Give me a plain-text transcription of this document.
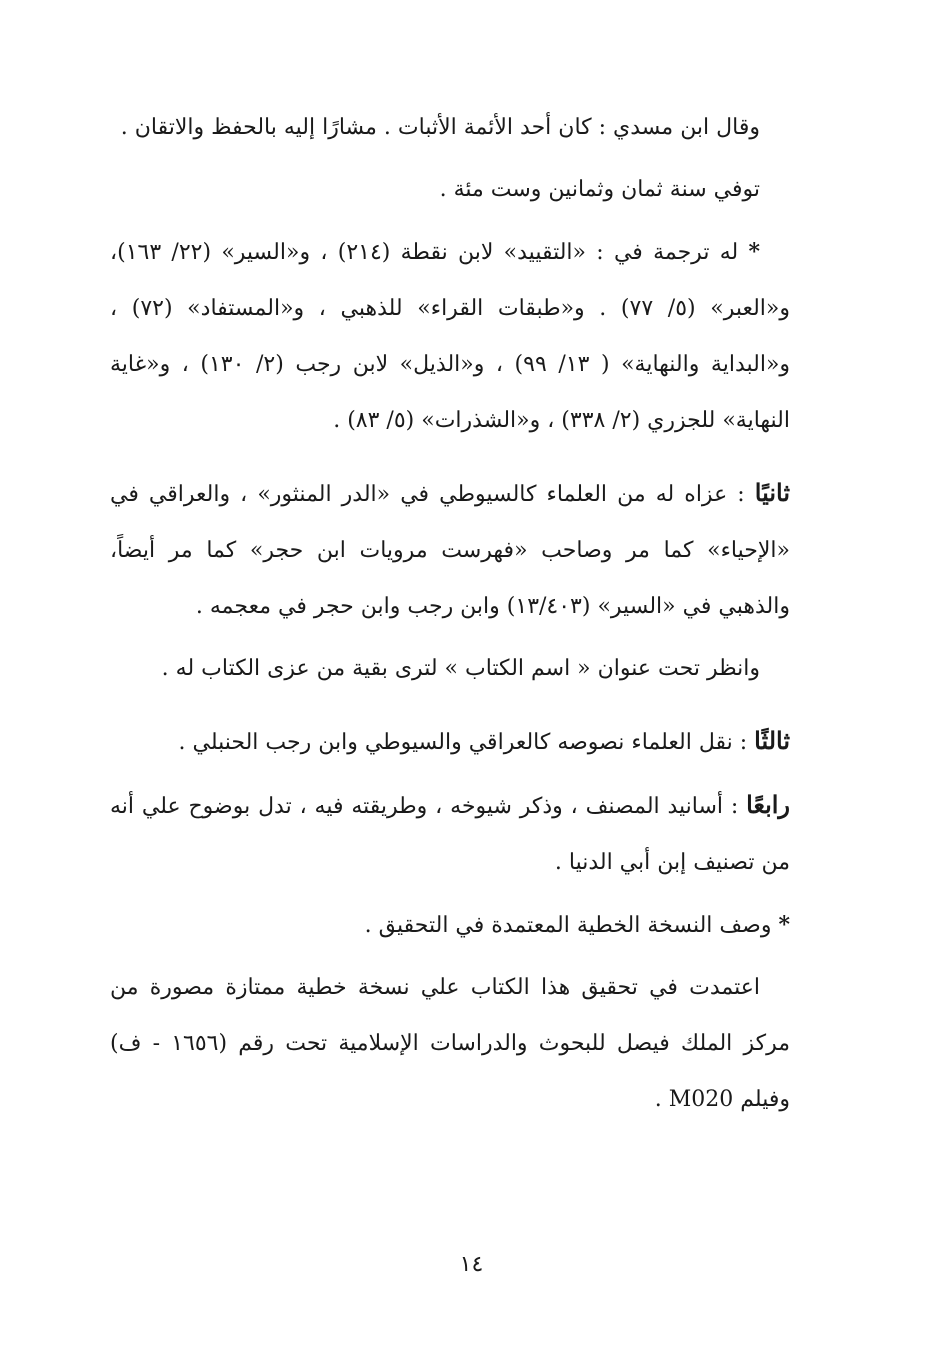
وقال ابن مسدي : كان أحد الأئمة الأثبات . مشارًا إليه بالحفظ والاتقان .

توفي سنة ثمان وثمانين وست مئة .

* له ترجمة في : «التقييد» لابن نقطة (٢١٤) ، و«السير» (٢٢/ ١٦٣)، و«العبر» (٥/ ٧٧) . و«طبقات القراء» للذهبي ، و«المستفاد» (٧٢) ، و«البداية والنهاية» ( ١٣/ ٩٩) ، و«الذيل» لابن رجب (٢/ ١٣٠) ، و«غاية النهاية» للجزري (٢/ ٣٣٨) ، و«الشذرات» (٥/ ٨٣) .

ثانيًا : عزاه له من العلماء كالسيوطي في «الدر المنثور» ، والعراقي في «الإحياء» كما مر وصاحب «فهرست مرويات ابن حجر» كما مر أيضاً، والذهبي في «السير» (١٣/٤٠٣) وابن رجب وابن حجر في معجمه .

وانظر تحت عنوان « اسم الكتاب » لترى بقية من عزى الكتاب له .

ثالثًا : نقل العلماء نصوصه كالعراقي والسيوطي وابن رجب الحنبلي .

رابعًا : أسانيد المصنف ، وذكر شيوخه ، وطريقته فيه ، تدل بوضوح علي أنه من تصنيف إبن أبي الدنيا .

* وصف النسخة الخطية المعتمدة في التحقيق .

اعتمدت في تحقيق هذا الكتاب علي نسخة خطية ممتازة مصورة من مركز الملك فيصل للبحوث والدراسات الإسلامية تحت رقم (١٦٥٦ - ف) وفيلم M020 .

١٤
